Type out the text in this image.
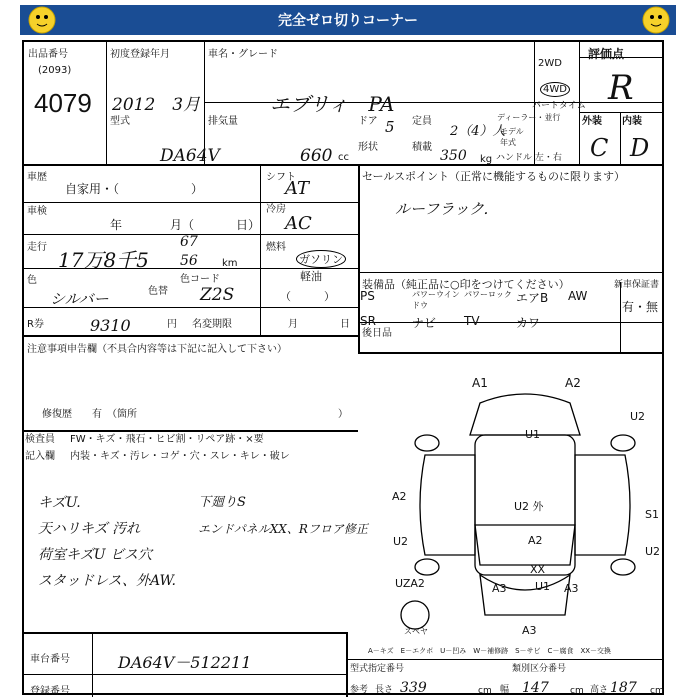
完全ゼロ切りコーナー
出品番号
(2093)
4079
初度登録年月
2012　3月
車名・グレード
エブリィ　PA
2WD
4WD
パートタイム
評価点
R
型式
DA64V
排気量
660 cc
ドア 5 定員
2（4）人
ディーラー・並行
モデル年式
形状	積載
350 kg ハンドル 左・右
外装 内装
C D
車歴
自家用・（　　　　　　）
シフト
AT
車検
年	月（	日）
冷房
AC
走行
17万8千5
67
56 km
燃料
ガソリン
軽油
（　　　）
色
シルバー	色替
色コード
Z2S
R券	9310	円 名変期限	月	日
注意事項申告欄（不具合内容等は下記に記入して下さい）
修復歴　　有　（箇所	）
検査員 FW・キズ・飛石・ヒビ割・リペア跡・×要
記入欄 内装・キズ・汚レ・コゲ・穴・スレ・キレ・破レ
キズU.
天ハリキズ 汚れ
荷室キズU ビス穴
スタッドレス、外AW.
下廻りS
エンドパネルXX、Rフロア修正
セールスポイント（正常に機能するものに限ります）
ルーフラック．
装備品（純正品に○印をつけてください）	新車保証書
有・無
PS	パワーウインドウ
パワーロック エアB	AW
SR	ナビ	TV	カワ
後日品
A1	A2
U2
U1
A2
U2 外
S1
A2
U2
U2
UZA2	A3
XX
U1 A3
A3
スペヤ
A－キズ　E－エクボ　U－凹み　W－補修跡　S－サビ　C－腐食　XX－交換
車台番号	DA64V－512211
登録番号
型式指定番号	類別区分番号
参考 長さ 339	cm 幅 147 cm 高さ 187 cm
